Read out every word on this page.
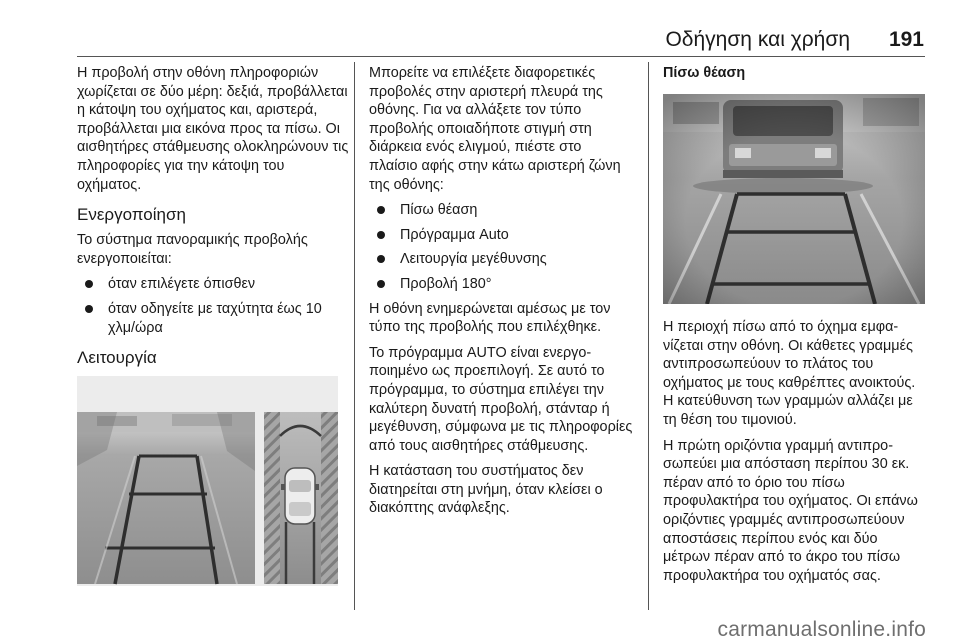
Οδήγηση και χρήση 191

Η προβολή στην οθόνη πληροφοριών χωρίζεται σε δύο μέρη: δεξιά, προβάλλεται η κάτοψη του οχήματος και, αριστερά, προβάλλεται μια εικόνα προς τα πίσω. Οι αισθητήρες στάθμευσης ολοκληρώνουν τις πληροφορίες για την κάτοψη του οχήματος.

Ενεργοποίηση

Το σύστημα πανοραμικής προβολής ενεργοποιείται:

όταν επιλέγετε όπισθεν
όταν οδηγείτε με ταχύτητα έως 10 χλμ/ώρα
Λειτουργία

Μπορείτε να επιλέξετε διαφορετικές προβολές στην αριστερή πλευρά της οθόνης. Για να αλλάξετε τον τύπο προβολής οποιαδήποτε στιγμή στη διάρκεια ενός ελιγμού, πιέστε στο πλαίσιο αφής στην κάτω αριστερή ζώνη της οθόνης:

Πίσω θέαση
Πρόγραμμα Auto
Λειτουργία μεγέθυνσης
Προβολή 180°

Η οθόνη ενημερώνεται αμέσως με τον τύπο της προβολής που επιλέχθηκε.

Το πρόγραμμα AUTO είναι ενεργοποιημένο ως προεπιλογή. Σε αυτό το πρόγραμμα, το σύστημα επιλέγει την καλύτερη δυνατή προβολή, στάνταρ ή μεγέθυνση, σύμφωνα με τις πληροφορίες από τους αισθητήρες στάθμευσης.

Η κατάσταση του συστήματος δεν διατηρείται στη μνήμη, όταν κλείσει ο διακόπτης ανάφλεξης.

Πίσω θέαση

Η περιοχή πίσω από το όχημα εμφανίζεται στην οθόνη. Οι κάθετες γραμμές αντιπροσωπεύουν το πλάτος του οχήματος με τους καθρέπτες ανοικτούς. Η κατεύθυνση των γραμμών αλλάζει με τη θέση του τιμονιού.

Η πρώτη οριζόντια γραμμή αντιπροσωπεύει μια απόσταση περίπου 30 εκ. πέραν από το όριο του πίσω προφυλακτήρα του οχήματος. Οι επάνω οριζόντιες γραμμές αντιπροσωπεύουν αποστάσεις περίπου ενός και δύο μέτρων πέραν από το άκρο του πίσω προφυλακτήρα του οχήματός σας.

carmanualsonline.info
